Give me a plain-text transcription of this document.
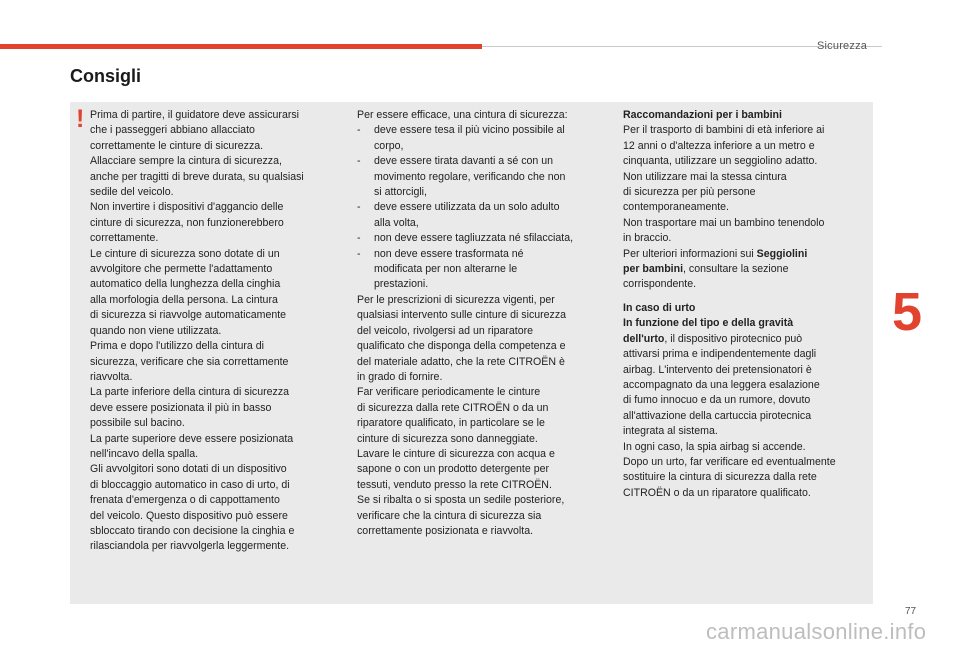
Sicurezza
Consigli
! Prima di partire, il guidatore deve assicurarsi

che i passeggeri abbiano allacciato

correttamente le cinture di sicurezza.

Allacciare sempre la cintura di sicurezza,

anche per tragitti di breve durata, su qualsiasi

sedile del veicolo.

Non invertire i dispositivi d'aggancio delle

cinture di sicurezza, non funzionerebbero

correttamente.

Le cinture di sicurezza sono dotate di un

avvolgitore che permette l'adattamento

automatico della lunghezza della cinghia

alla morfologia della persona. La cintura

di sicurezza si riavvolge automaticamente

quando non viene utilizzata.

Prima e dopo l'utilizzo della cintura di

sicurezza, verificare che sia correttamente

riavvolta.

La parte inferiore della cintura di sicurezza

deve essere posizionata il più in basso

possibile sul bacino.

La parte superiore deve essere posizionata

nell'incavo della spalla.

Gli avvolgitori sono dotati di un dispositivo

di bloccaggio automatico in caso di urto, di

frenata d'emergenza o di cappottamento

del veicolo. Questo dispositivo può essere

sbloccato tirando con decisione la cinghia e

rilasciandola per riavvolgerla leggermente.

Per essere efficace, una cintura di sicurezza:

- deve essere tesa il più vicino possibile al
corpo,
- deve essere tirata davanti a sé con un
movimento regolare, verificando che non
si attorcigli,
- deve essere utilizzata da un solo adulto
alla volta,
- non deve essere tagliuzzata né sfilacciata,
- non deve essere trasformata né
modificata per non alterarne le
prestazioni.

Per le prescrizioni di sicurezza vigenti, per

qualsiasi intervento sulle cinture di sicurezza

del veicolo, rivolgersi ad un riparatore

qualificato che disponga della competenza e

del materiale adatto, che la rete CITROËN è

in grado di fornire.

Far verificare periodicamente le cinture

di sicurezza dalla rete CITROËN o da un

riparatore qualificato, in particolare se le

cinture di sicurezza sono danneggiate.

Lavare le cinture di sicurezza con acqua e

sapone o con un prodotto detergente per

tessuti, venduto presso la rete CITROËN.

Se si ribalta o si sposta un sedile posteriore,

verificare che la cintura di sicurezza sia

correttamente posizionata e riavvolta.

Raccomandazioni per i bambini

Per il trasporto di bambini di età inferiore ai

12 anni o d'altezza inferiore a un metro e

cinquanta, utilizzare un seggiolino adatto.

Non utilizzare mai la stessa cintura

di sicurezza per più persone

contemporaneamente.

Non trasportare mai un bambino tenendolo

in braccio.

Per ulteriori informazioni sui Seggiolini

per bambini, consultare la sezione

corrispondente.

In caso di urto

In funzione del tipo e della gravità

dell'urto, il dispositivo pirotecnico può

attivarsi prima e indipendentemente dagli

airbag. L'intervento dei pretensionatori è

accompagnato da una leggera esalazione

di fumo innocuo e da un rumore, dovuto

all'attivazione della cartuccia pirotecnica

integrata al sistema.

In ogni caso, la spia airbag si accende.

Dopo un urto, far verificare ed eventualmente

sostituire la cintura di sicurezza dalla rete

CITROËN o da un riparatore qualificato.

5
77
carmanualsonline.info
